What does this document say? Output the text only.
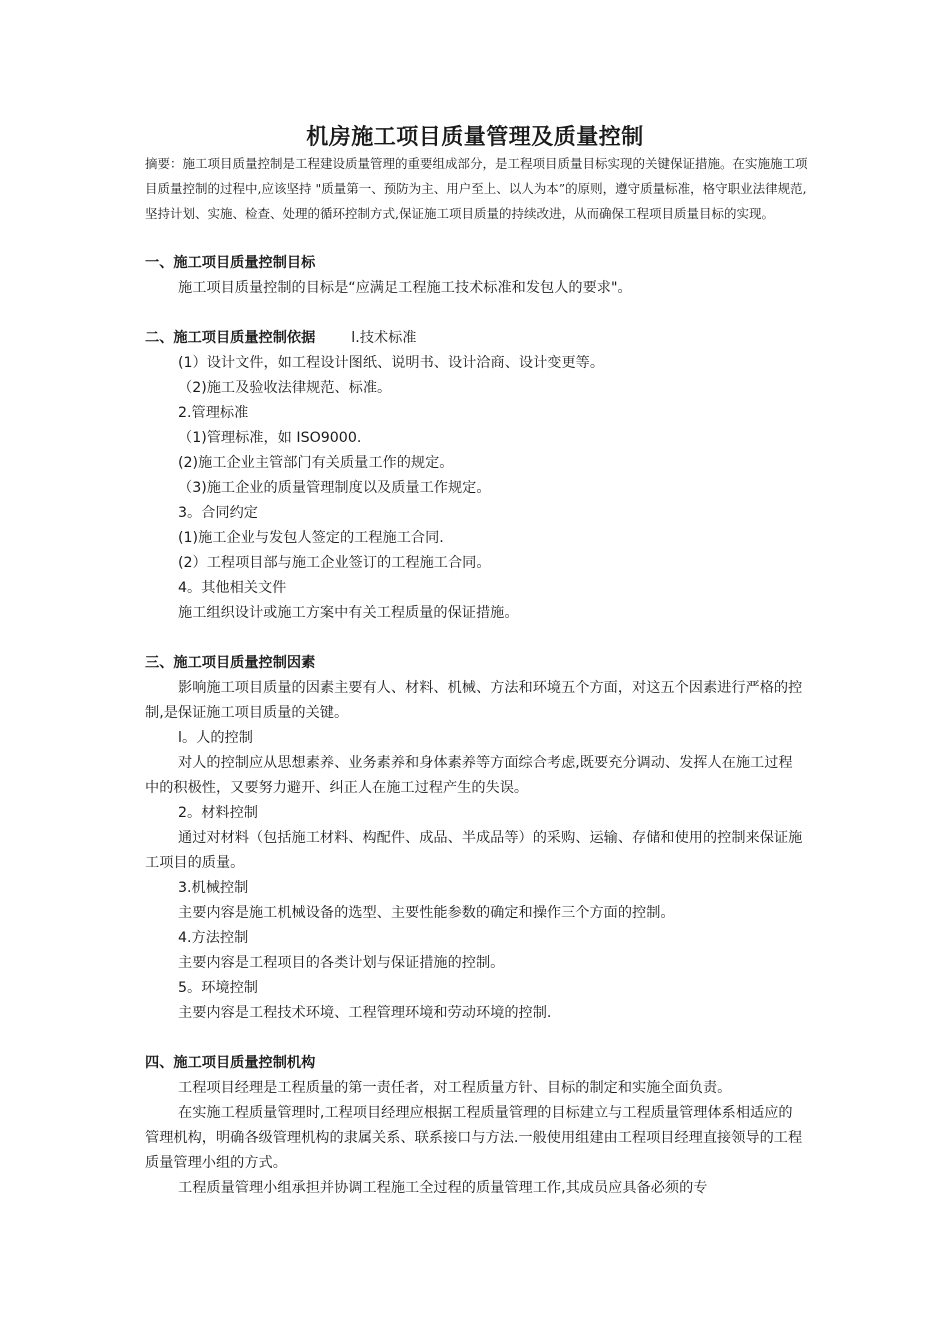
机房施工项目质量管理及质量控制

摘要：施工项目质量控制是工程建设质量管理的重要组成部分，是工程项目质量目标实现的关键保证措施。在实施施工项目质量控制的过程中,应该坚持 "质量第一、预防为主、用户至上、以人为本”的原则，遵守质量标准，格守职业法律规范,坚持计划、实施、检查、处理的循环控制方式,保证施工项目质量的持续改进，从而确保工程项目质量目标的实现。

一、施工项目质量控制目标

施工项目质量控制的目标是“应满足工程施工技术标准和发包人的要求"。

二、施工项目质量控制依据	l.技术标准

(1）设计文件，如工程设计图纸、说明书、设计洽商、设计变更等。

（2)施工及验收法律规范、标准。

2.管理标准

（1)管理标准，如 ISO9000.

(2)施工企业主管部门有关质量工作的规定。

（3)施工企业的质量管理制度以及质量工作规定。

3。合同约定

(1)施工企业与发包人签定的工程施工合同.

(2）工程项目部与施工企业签订的工程施工合同。

4。其他相关文件

施工组织设计或施工方案中有关工程质量的保证措施。

三、施工项目质量控制因素

影响施工项目质量的因素主要有人、材料、机械、方法和环境五个方面，对这五个因素进行严格的控制,是保证施工项目质量的关键。

l。人的控制

对人的控制应从思想素养、业务素养和身体素养等方面综合考虑,既要充分调动、发挥人在施工过程中的积极性，又要努力避开、纠正人在施工过程产生的失误。

2。材料控制

通过对材料（包括施工材料、构配件、成品、半成品等）的采购、运输、存储和使用的控制来保证施工项目的质量。

3.机械控制

主要内容是施工机械设备的选型、主要性能参数的确定和操作三个方面的控制。

4.方法控制

主要内容是工程项目的各类计划与保证措施的控制。

5。环境控制

主要内容是工程技术环境、工程管理环境和劳动环境的控制.

四、施工项目质量控制机构

工程项目经理是工程质量的第一责任者，对工程质量方针、目标的制定和实施全面负责。

在实施工程质量管理时,工程项目经理应根据工程质量管理的目标建立与工程质量管理体系相适应的管理机构，明确各级管理机构的隶属关系、联系接口与方法.一般使用组建由工程项目经理直接领导的工程质量管理小组的方式。

工程质量管理小组承担并协调工程施工全过程的质量管理工作,其成员应具备必须的专
